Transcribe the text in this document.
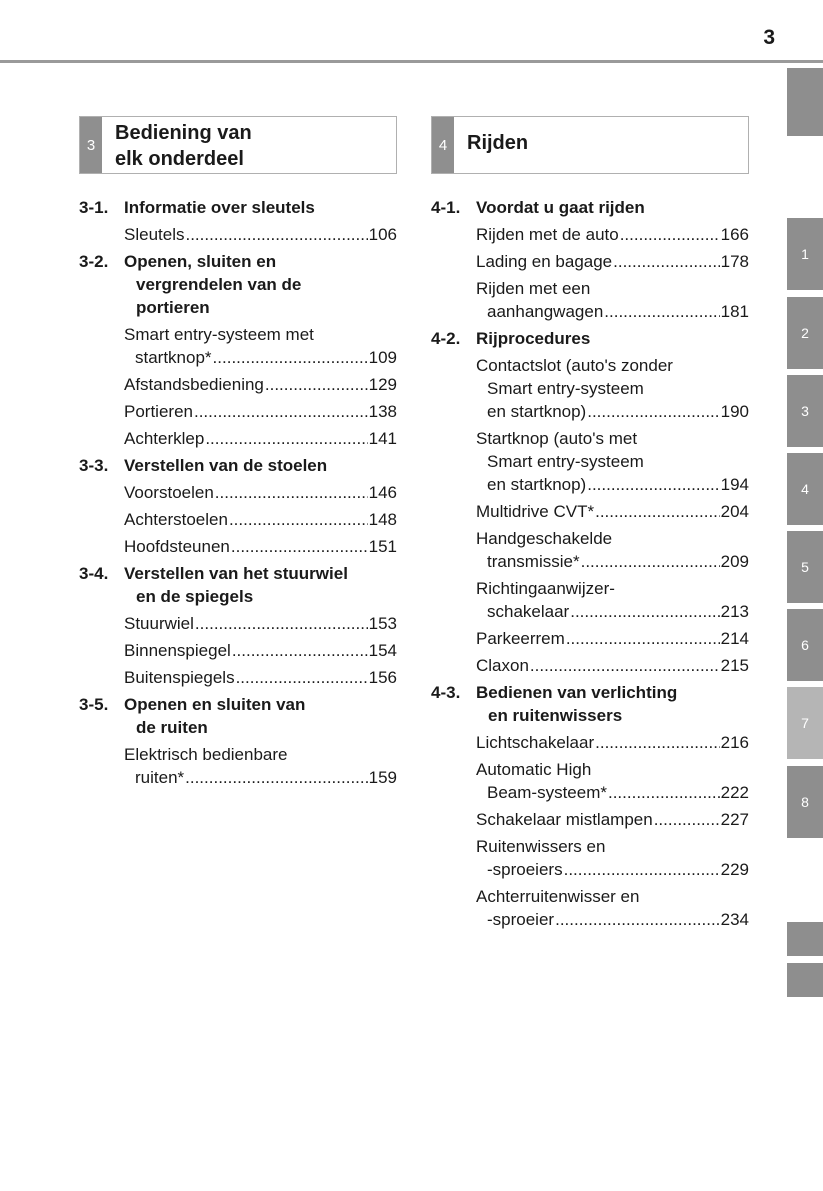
3
3
Bediening van
elk onderdeel
3-1. Informatie over sleutels
Sleutels .....	106
3-2. Openen, sluiten en
vergrendelen van de
portieren
Smart entry-systeem met
startknop* .....	109
Afstandsbediening .....	129
Portieren .....	138
Achterklep .....	141
3-3. Verstellen van de stoelen
Voorstoelen .....	146
Achterstoelen .....	148
Hoofdsteunen .....	151
3-4. Verstellen van het stuurwiel
en de spiegels
Stuurwiel .....	153
Binnenspiegel .....	154
Buitenspiegels .....	156
3-5. Openen en sluiten van
de ruiten
Elektrisch bedienbare
ruiten* .....	159
4 Rijden
4-1. Voordat u gaat rijden
Rijden met de auto .....	166
Lading en bagage .....	178
Rijden met een
aanhangwagen .....	181
4-2. Rijprocedures
Contactslot (auto's zonder
Smart entry-systeem
en startknop) .....	190
Startknop (auto's met
Smart entry-systeem
en startknop) .....	194
Multidrive CVT* .....	204
Handgeschakelde
transmissie* .....	209
Richtingaanwijzer-
schakelaar .....	213
Parkeerrem .....	214
Claxon .....	215
4-3. Bedienen van verlichting
en ruitenwissers
Lichtschakelaar .....	216
Automatic High
Beam-systeem* .....	222
Schakelaar mistlampen .....	227
Ruitenwissers en
-sproeiers .....	229
Achterruitenwisser en
-sproeier .....	234
1
2
3
4
5
6
7
8
